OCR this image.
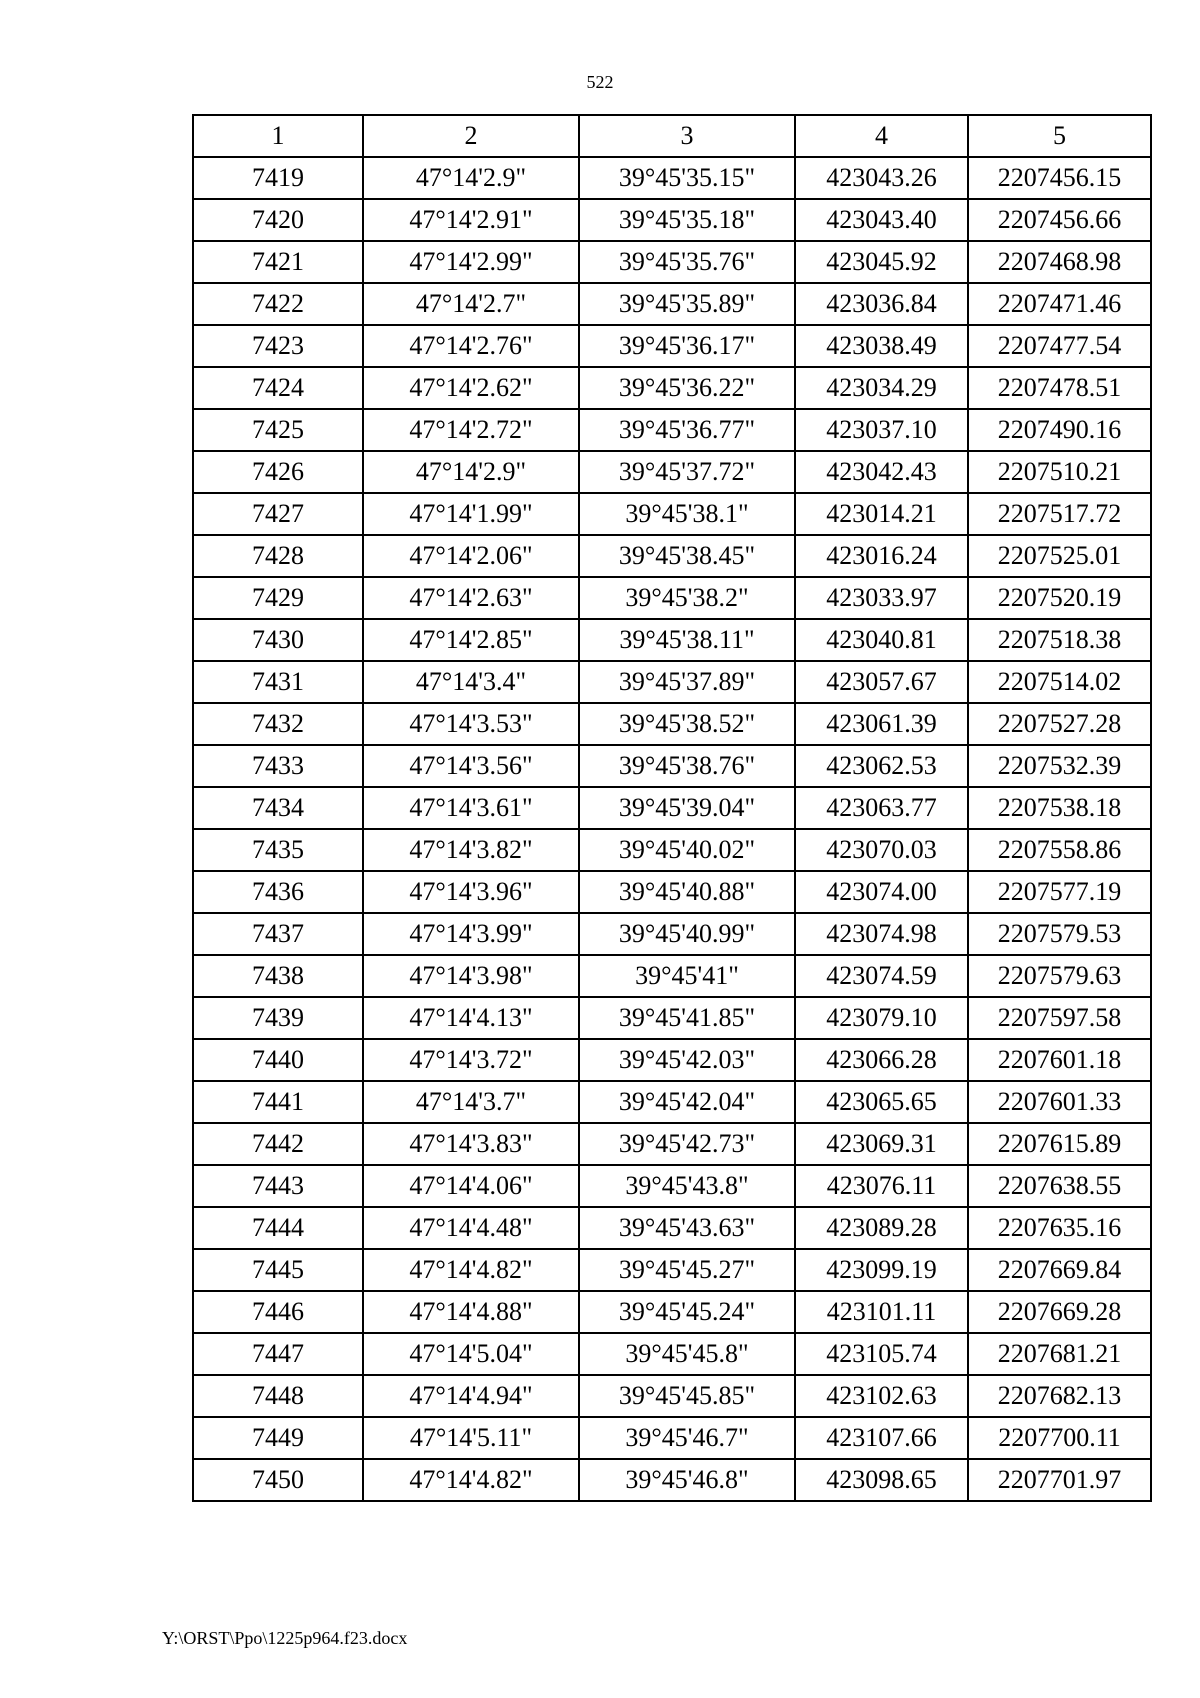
522
1	2	3	4	5
7419	47°14'2.9"	39°45'35.15"	423043.26	2207456.15
7420	47°14'2.91"	39°45'35.18"	423043.40	2207456.66
7421	47°14'2.99"	39°45'35.76"	423045.92	2207468.98
7422	47°14'2.7"	39°45'35.89"	423036.84	2207471.46
7423	47°14'2.76"	39°45'36.17"	423038.49	2207477.54
7424	47°14'2.62"	39°45'36.22"	423034.29	2207478.51
7425	47°14'2.72"	39°45'36.77"	423037.10	2207490.16
7426	47°14'2.9"	39°45'37.72"	423042.43	2207510.21
7427	47°14'1.99"	39°45'38.1"	423014.21	2207517.72
7428	47°14'2.06"	39°45'38.45"	423016.24	2207525.01
7429	47°14'2.63"	39°45'38.2"	423033.97	2207520.19
7430	47°14'2.85"	39°45'38.11"	423040.81	2207518.38
7431	47°14'3.4"	39°45'37.89"	423057.67	2207514.02
7432	47°14'3.53"	39°45'38.52"	423061.39	2207527.28
7433	47°14'3.56"	39°45'38.76"	423062.53	2207532.39
7434	47°14'3.61"	39°45'39.04"	423063.77	2207538.18
7435	47°14'3.82"	39°45'40.02"	423070.03	2207558.86
7436	47°14'3.96"	39°45'40.88"	423074.00	2207577.19
7437	47°14'3.99"	39°45'40.99"	423074.98	2207579.53
7438	47°14'3.98"	39°45'41"	423074.59	2207579.63
7439	47°14'4.13"	39°45'41.85"	423079.10	2207597.58
7440	47°14'3.72"	39°45'42.03"	423066.28	2207601.18
7441	47°14'3.7"	39°45'42.04"	423065.65	2207601.33
7442	47°14'3.83"	39°45'42.73"	423069.31	2207615.89
7443	47°14'4.06"	39°45'43.8"	423076.11	2207638.55
7444	47°14'4.48"	39°45'43.63"	423089.28	2207635.16
7445	47°14'4.82"	39°45'45.27"	423099.19	2207669.84
7446	47°14'4.88"	39°45'45.24"	423101.11	2207669.28
7447	47°14'5.04"	39°45'45.8"	423105.74	2207681.21
7448	47°14'4.94"	39°45'45.85"	423102.63	2207682.13
7449	47°14'5.11"	39°45'46.7"	423107.66	2207700.11
7450	47°14'4.82"	39°45'46.8"	423098.65	2207701.97
Y:\ORST\Ppo\1225p964.f23.docx
